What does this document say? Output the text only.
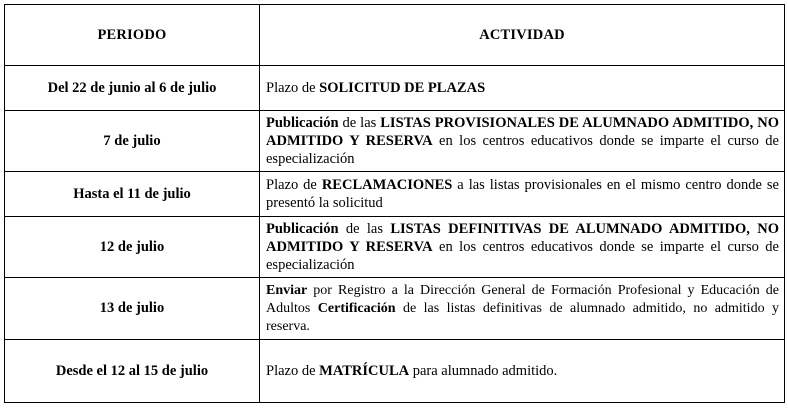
PERIODO	ACTIVIDAD
Del 22 de junio al 6 de julio	Plazo de SOLICITUD DE PLAZAS

7 de julio	Publicación de las LISTAS PROVISIONALES DE ALUMNADO ADMITIDO, NO ADMITIDO Y RESERVA en los centros educativos donde se imparte el curso de especialización

Hasta el 11 de julio	Plazo de RECLAMACIONES a las listas provisionales en el mismo centro donde se presentó la solicitud

12 de julio	Publicación de las LISTAS DEFINITIVAS DE ALUMNADO ADMITIDO, NO ADMITIDO Y RESERVA en los centros educativos donde se imparte el curso de especialización

13 de julio	Enviar por Registro a la Dirección General de Formación Profesional y Educación de Adultos Certificación de las listas definitivas de alumnado admitido, no admitido y reserva.

Desde el 12 al 15 de julio	Plazo de MATRÍCULA para alumnado admitido.
